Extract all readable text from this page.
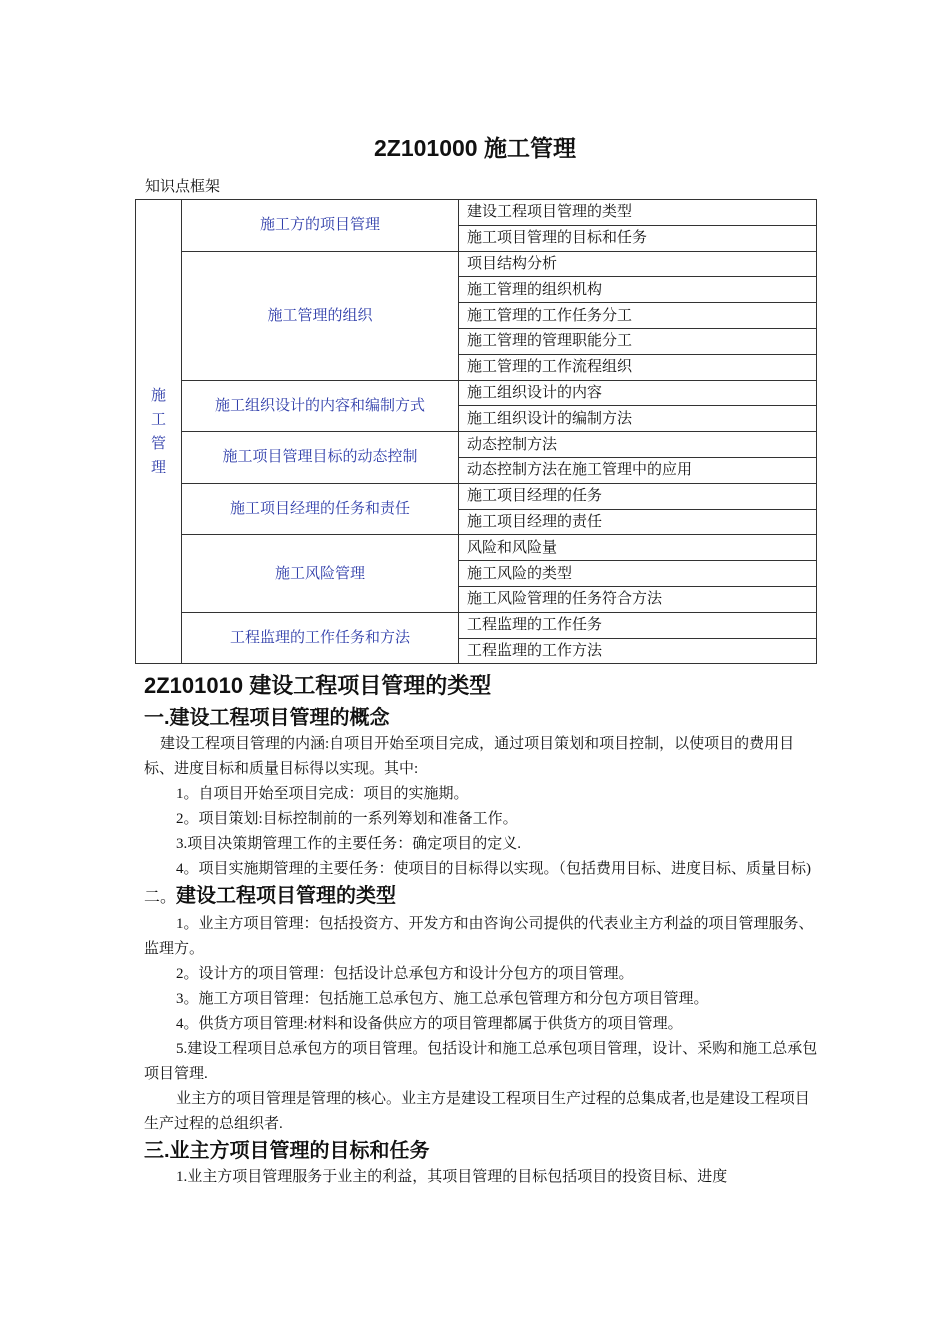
2Z101000 施工管理
知识点框架
施
工
管
理	施工方的项目管理	建设工程项目管理的类型
		施工项目管理的目标和任务
	施工管理的组织	项目结构分析
		施工管理的组织机构
		施工管理的工作任务分工
		施工管理的管理职能分工
		施工管理的工作流程组织
	施工组织设计的内容和编制方式	施工组织设计的内容
		施工组织设计的编制方法
	施工项目管理目标的动态控制	动态控制方法
		动态控制方法在施工管理中的应用
	施工项目经理的任务和责任	施工项目经理的任务
		施工项目经理的责任
	施工风险管理	风险和风险量
		施工风险的类型
		施工风险管理的任务符合方法
	工程监理的工作任务和方法	工程监理的工作任务
		工程监理的工作方法
2Z101010 建设工程项目管理的类型
一.建设工程项目管理的概念

建设工程项目管理的内涵:自项目开始至项目完成，通过项目策划和项目控制，以使项目的费用目标、进度目标和质量目标得以实现。其中:

1。自项目开始至项目完成：项目的实施期。

2。项目策划:目标控制前的一系列筹划和准备工作。

3.项目决策期管理工作的主要任务：确定项目的定义.

4。项目实施期管理的主要任务：使项目的目标得以实现。（包括费用目标、进度目标、质量目标)

二。建设工程项目管理的类型

1。业主方项目管理：包括投资方、开发方和由咨询公司提供的代表业主方利益的项目管理服务、监理方。

2。设计方的项目管理：包括设计总承包方和设计分包方的项目管理。

3。施工方项目管理：包括施工总承包方、施工总承包管理方和分包方项目管理。

4。供货方项目管理:材料和设备供应方的项目管理都属于供货方的项目管理。

5.建设工程项目总承包方的项目管理。包括设计和施工总承包项目管理，设计、采购和施工总承包项目管理.

业主方的项目管理是管理的核心。业主方是建设工程项目生产过程的总集成者,也是建设工程项目生产过程的总组织者.

三.业主方项目管理的目标和任务

1.业主方项目管理服务于业主的利益，其项目管理的目标包括项目的投资目标、进度
